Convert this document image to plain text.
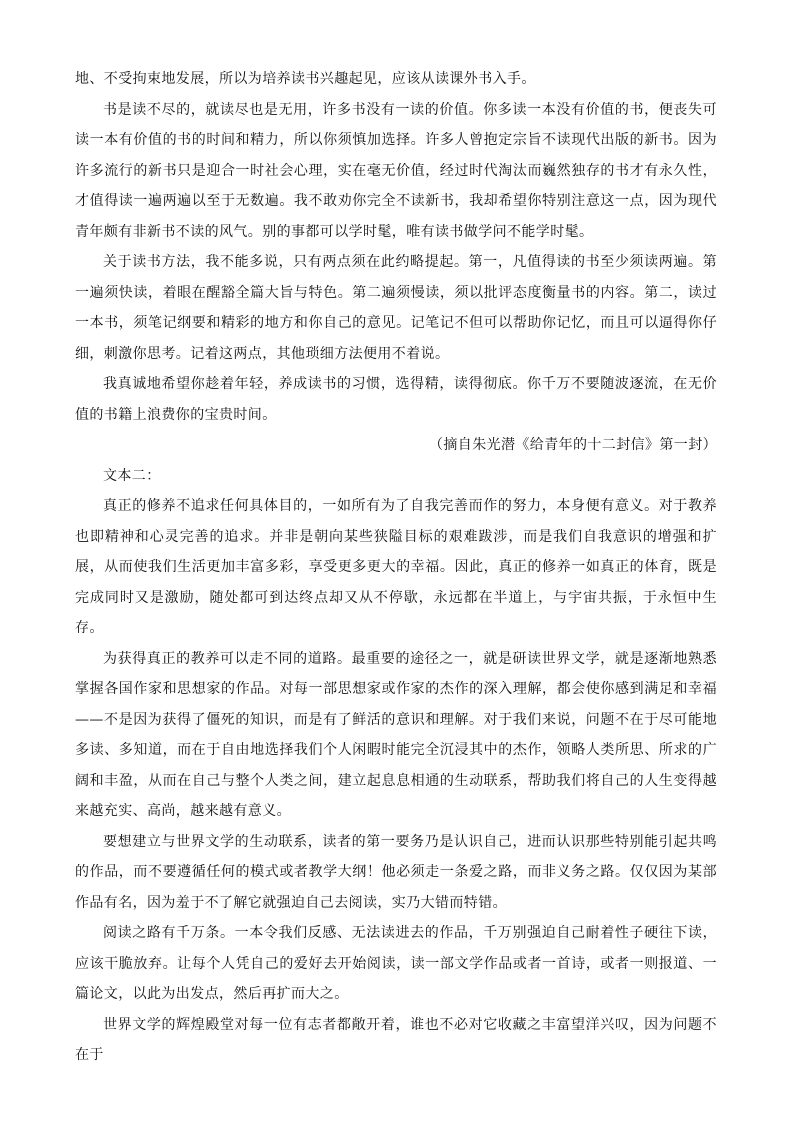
地、不受拘束地发展，所以为培养读书兴趣起见，应该从读课外书入手。

书是读不尽的，就读尽也是无用，许多书没有一读的价值。你多读一本没有价值的书，便丧失可读一本有价值的书的时间和精力，所以你须慎加选择。许多人曾抱定宗旨不读现代出版的新书。因为许多流行的新书只是迎合一时社会心理，实在毫无价值，经过时代淘汰而巍然独存的书才有永久性，才值得读一遍两遍以至于无数遍。我不敢劝你完全不读新书，我却希望你特别注意这一点，因为现代青年颇有非新书不读的风气。别的事都可以学时髦，唯有读书做学问不能学时髦。

关于读书方法，我不能多说，只有两点须在此约略提起。第一，凡值得读的书至少须读两遍。第一遍须快读，着眼在醒豁全篇大旨与特色。第二遍须慢读，须以批评态度衡量书的内容。第二，读过一本书，须笔记纲要和精彩的地方和你自己的意见。记笔记不但可以帮助你记忆，而且可以逼得你仔细，刺激你思考。记着这两点，其他琐细方法便用不着说。

我真诚地希望你趁着年轻，养成读书的习惯，选得精，读得彻底。你千万不要随波逐流，在无价值的书籍上浪费你的宝贵时间。

（摘自朱光潜《给青年的十二封信》第一封）

文本二：

真正的修养不追求任何具体目的，一如所有为了自我完善而作的努力，本身便有意义。对于教养也即精神和心灵完善的追求。并非是朝向某些狭隘目标的艰难跋涉，而是我们自我意识的增强和扩展，从而使我们生活更加丰富多彩，享受更多更大的幸福。因此，真正的修养一如真正的体育，既是完成同时又是激励，随处都可到达终点却又从不停歇，永远都在半道上，与宇宙共振，于永恒中生存。

为获得真正的教养可以走不同的道路。最重要的途径之一，就是研读世界文学，就是逐渐地熟悉掌握各国作家和思想家的作品。对每一部思想家或作家的杰作的深入理解，都会使你感到满足和幸福——不是因为获得了僵死的知识，而是有了鲜活的意识和理解。对于我们来说，问题不在于尽可能地多读、多知道，而在于自由地选择我们个人闲暇时能完全沉浸其中的杰作，领略人类所思、所求的广阔和丰盈，从而在自己与整个人类之间，建立起息息相通的生动联系，帮助我们将自己的人生变得越来越充实、高尚，越来越有意义。

要想建立与世界文学的生动联系，读者的第一要务乃是认识自己，进而认识那些特别能引起共鸣的作品，而不要遵循任何的模式或者教学大纲！他必须走一条爱之路，而非义务之路。仅仅因为某部作品有名，因为羞于不了解它就强迫自己去阅读，实乃大错而特错。

阅读之路有千万条。一本令我们反感、无法读进去的作品，千万别强迫自己耐着性子硬往下读，应该干脆放弃。让每个人凭自己的爱好去开始阅读，读一部文学作品或者一首诗，或者一则报道、一篇论文，以此为出发点，然后再扩而大之。

世界文学的辉煌殿堂对每一位有志者都敞开着，谁也不必对它收藏之丰富望洋兴叹，因为问题不在于
